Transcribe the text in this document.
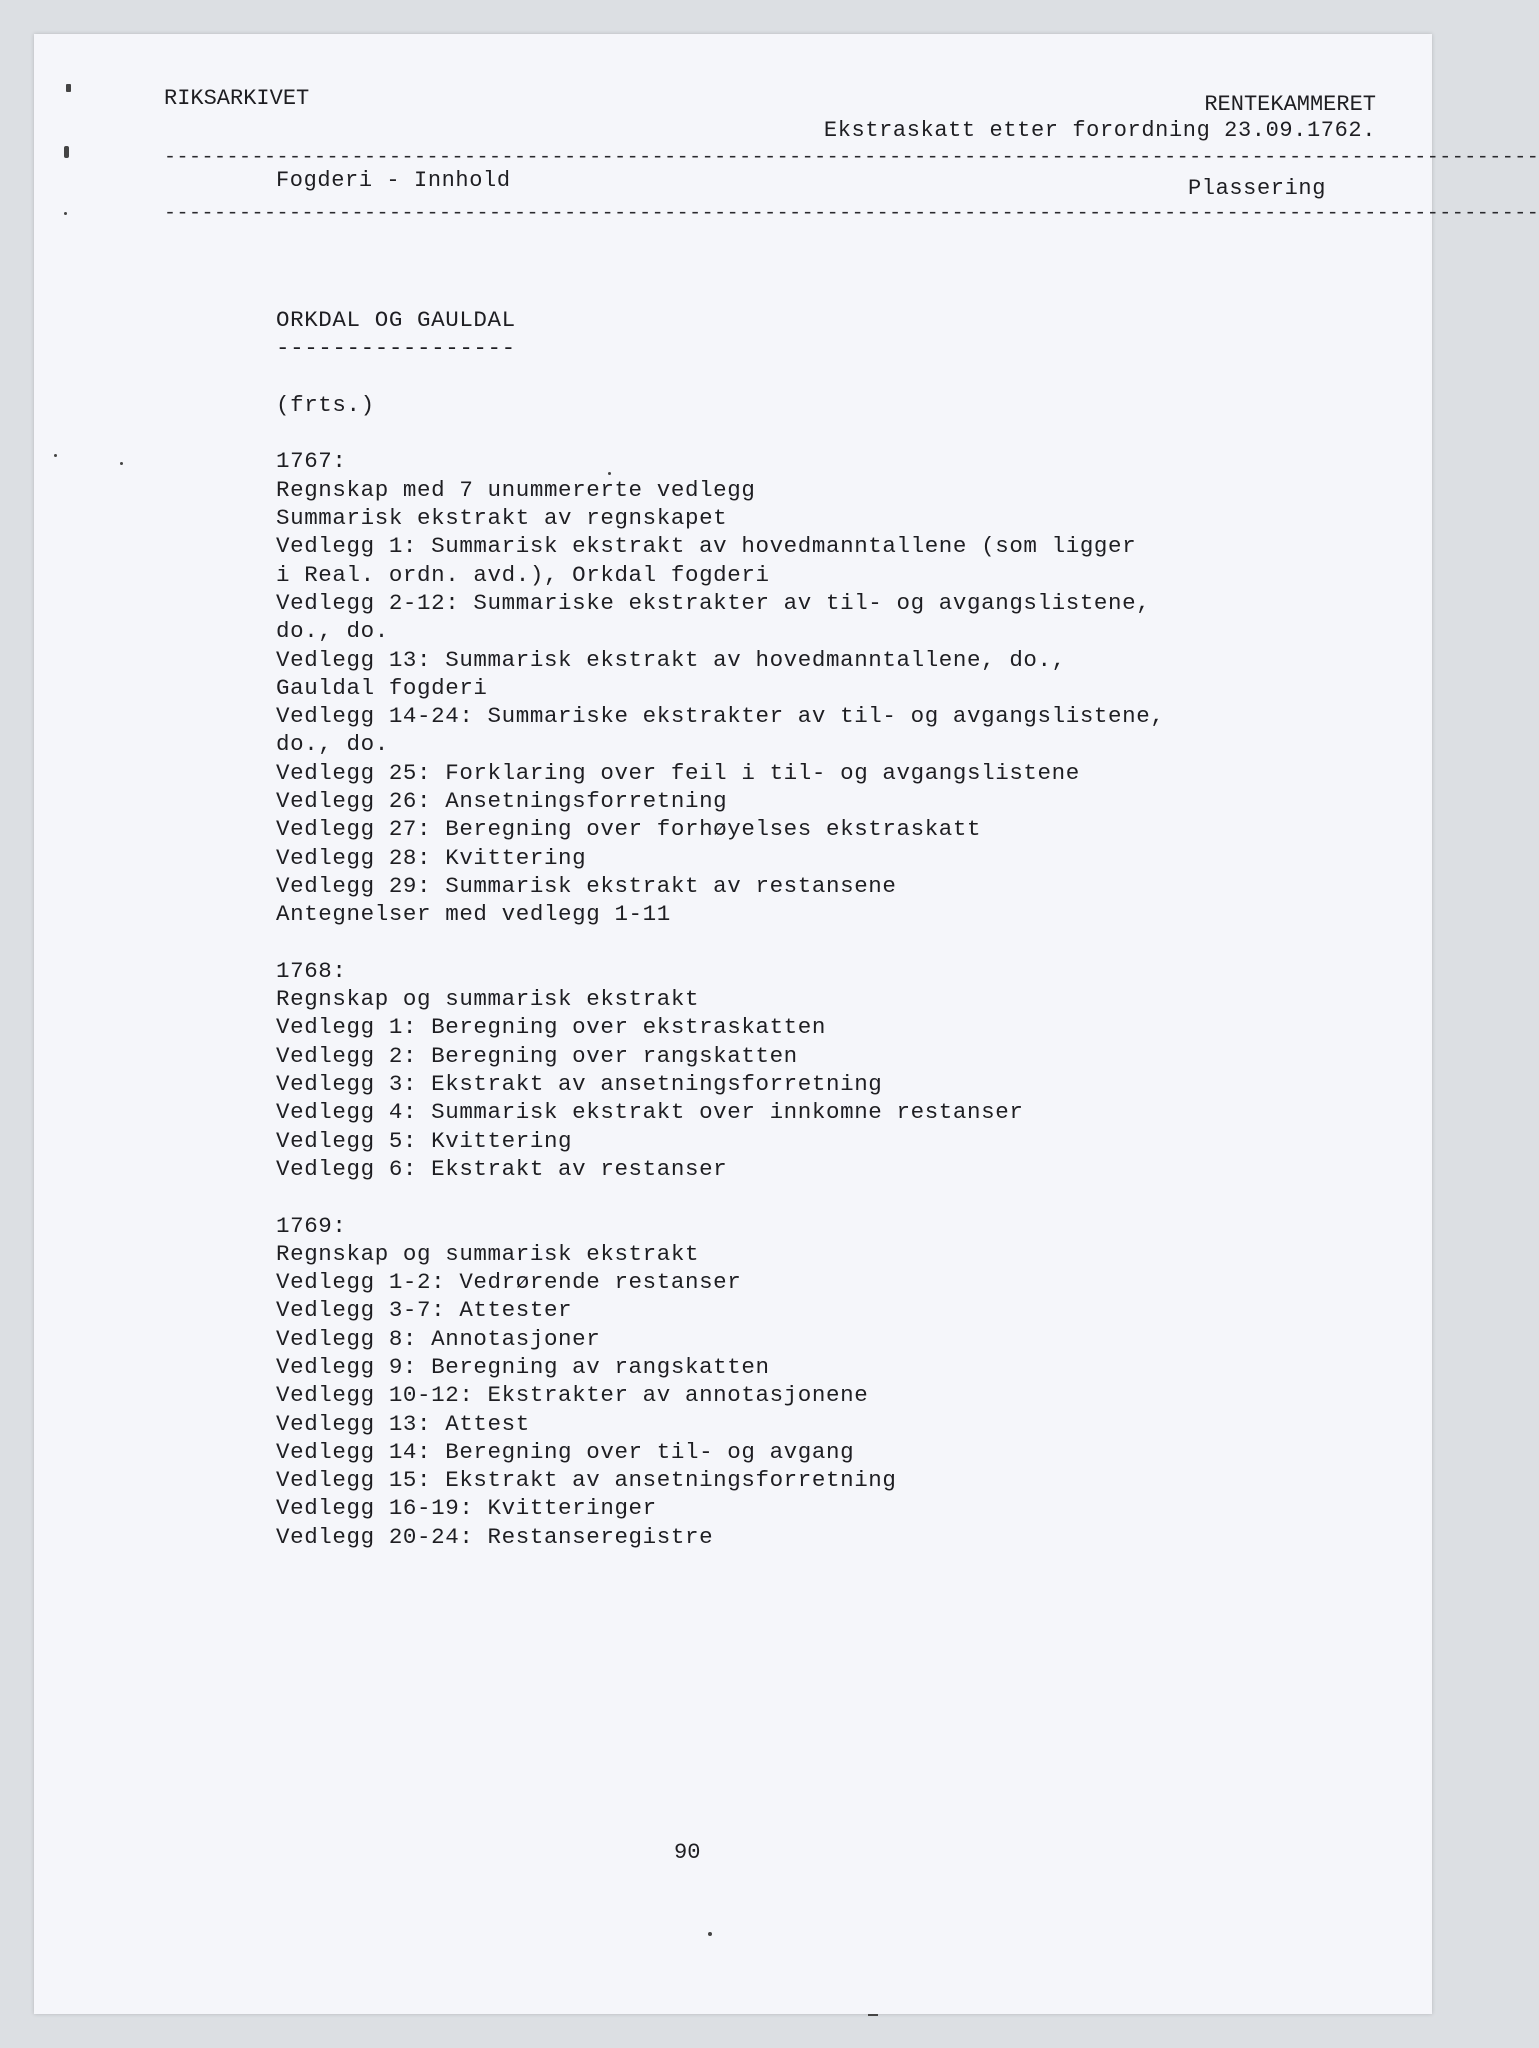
RIKSARKIVET	RENTEKAMMERET
Ekstraskatt etter forordning 23.09.1762.
--------------------------------------------------------------------------------------------------------------
Fogderi - Innhold	Plassering
--------------------------------------------------------------------------------------------------------------
ORKDAL OG GAULDAL
-----------------
(frts.)
1767:
Regnskap med 7 unummererte vedlegg
Summarisk ekstrakt av regnskapet
Vedlegg 1: Summarisk ekstrakt av hovedmanntallene (som ligger
i Real. ordn. avd.), Orkdal fogderi
Vedlegg 2-12: Summariske ekstrakter av til- og avgangslistene,
do., do.
Vedlegg 13: Summarisk ekstrakt av hovedmanntallene, do.,
Gauldal fogderi
Vedlegg 14-24: Summariske ekstrakter av til- og avgangslistene,
do., do.
Vedlegg 25: Forklaring over feil i til- og avgangslistene
Vedlegg 26: Ansetningsforretning
Vedlegg 27: Beregning over forhøyelses ekstraskatt
Vedlegg 28: Kvittering
Vedlegg 29: Summarisk ekstrakt av restansene
Antegnelser med vedlegg 1-11
1768:
Regnskap og summarisk ekstrakt
Vedlegg 1: Beregning over ekstraskatten
Vedlegg 2: Beregning over rangskatten
Vedlegg 3: Ekstrakt av ansetningsforretning
Vedlegg 4: Summarisk ekstrakt over innkomne restanser
Vedlegg 5: Kvittering
Vedlegg 6: Ekstrakt av restanser
1769:
Regnskap og summarisk ekstrakt
Vedlegg 1-2: Vedrørende restanser
Vedlegg 3-7: Attester
Vedlegg 8: Annotasjoner
Vedlegg 9: Beregning av rangskatten
Vedlegg 10-12: Ekstrakter av annotasjonene
Vedlegg 13: Attest
Vedlegg 14: Beregning over til- og avgang
Vedlegg 15: Ekstrakt av ansetningsforretning
Vedlegg 16-19: Kvitteringer
Vedlegg 20-24: Restanseregistre
90
